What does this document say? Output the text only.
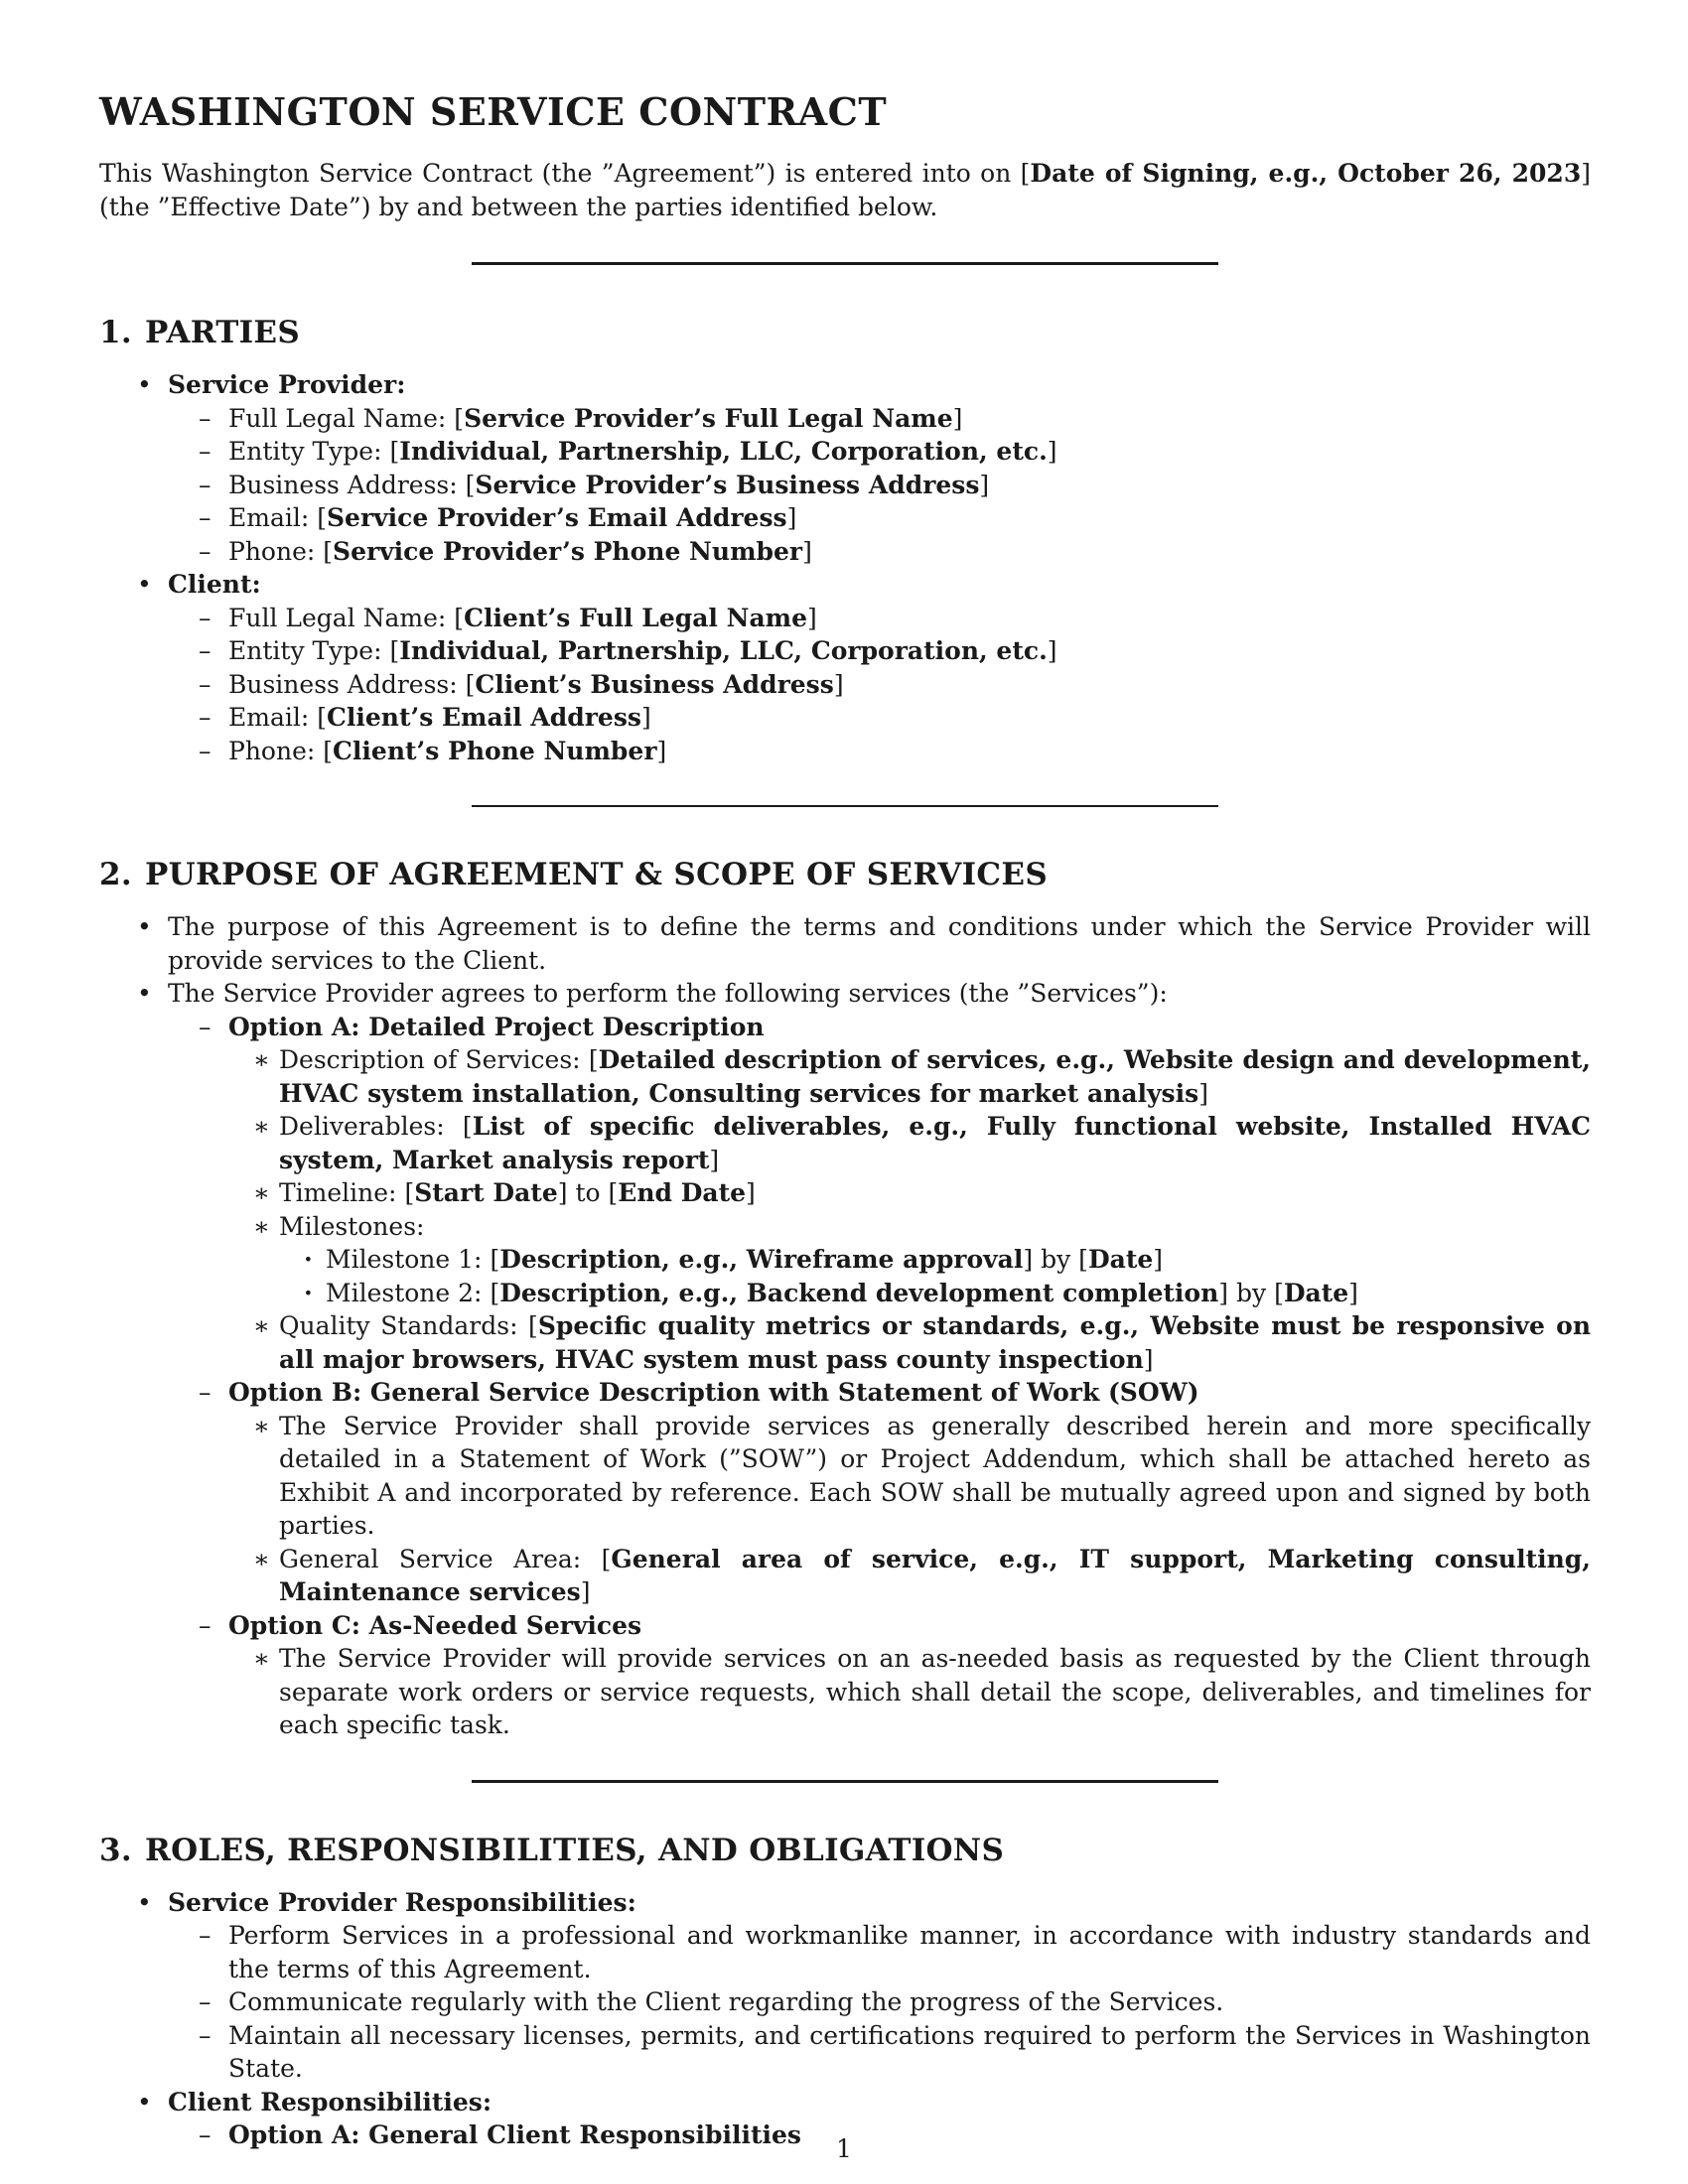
WASHINGTON SERVICE CONTRACT

This Washington Service Contract (the ”Agreement”) is entered into on [Date of Signing, e.g., October 26, 2023] (the ”Effective Date”) by and between the parties identified below.

1. PARTIES
• Service Provider:
– Full Legal Name: [Service Provider’s Full Legal Name]
– Entity Type: [Individual, Partnership, LLC, Corporation, etc.]
– Business Address: [Service Provider’s Business Address]
– Email: [Service Provider’s Email Address]
– Phone: [Service Provider’s Phone Number]
• Client:
– Full Legal Name: [Client’s Full Legal Name]
– Entity Type: [Individual, Partnership, LLC, Corporation, etc.]
– Business Address: [Client’s Business Address]
– Email: [Client’s Email Address]
– Phone: [Client’s Phone Number]
2. PURPOSE OF AGREEMENT & SCOPE OF SERVICES
• The purpose of this Agreement is to define the terms and conditions under which the Service Provider will provide services to the Client.
• The Service Provider agrees to perform the following services (the ”Services”):
– Option A: Detailed Project Description
∗ Description of Services: [Detailed description of services, e.g., Website design and development, HVAC system installation, Consulting services for market analysis]
∗ Deliverables: [List of specific deliverables, e.g., Fully functional website, Installed HVAC system, Market analysis report]
∗ Timeline: [Start Date] to [End Date]
∗ Milestones:
· Milestone 1: [Description, e.g., Wireframe approval] by [Date]
· Milestone 2: [Description, e.g., Backend development completion] by [Date]
∗ Quality Standards: [Specific quality metrics or standards, e.g., Website must be responsive on all major browsers, HVAC system must pass county inspection]
– Option B: General Service Description with Statement of Work (SOW)
∗ The Service Provider shall provide services as generally described herein and more specifically detailed in a Statement of Work (”SOW”) or Project Addendum, which shall be attached hereto as Exhibit A and incorporated by reference. Each SOW shall be mutually agreed upon and signed by both parties.
∗ General Service Area: [General area of service, e.g., IT support, Marketing consulting, Maintenance services]
– Option C: As-Needed Services
∗ The Service Provider will provide services on an as-needed basis as requested by the Client through separate work orders or service requests, which shall detail the scope, deliverables, and timelines for each specific task.
3. ROLES, RESPONSIBILITIES, AND OBLIGATIONS
• Service Provider Responsibilities:
– Perform Services in a professional and workmanlike manner, in accordance with industry standards and the terms of this Agreement.
– Communicate regularly with the Client regarding the progress of the Services.
– Maintain all necessary licenses, permits, and certifications required to perform the Services in Washington State.
• Client Responsibilities:
– Option A: General Client Responsibilities	1
